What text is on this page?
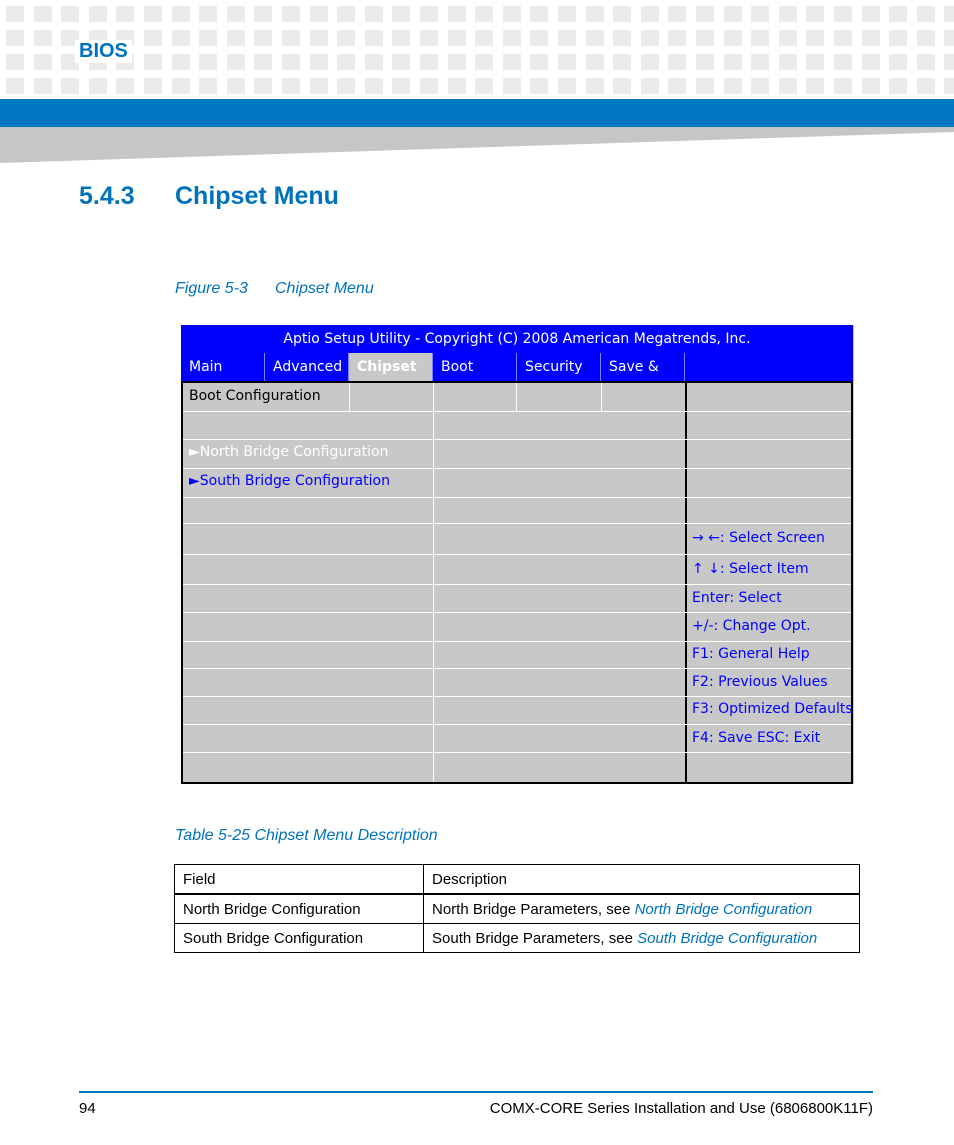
BIOS
5.4.3 Chipset Menu
Figure 5-3 Chipset Menu
Aptio Setup Utility - Copyright (C) 2008 American Megatrends, Inc.
Main	Advanced	Chipset	Boot	Security	Save &
Boot Configuration
►North Bridge Configuration
►South Bridge Configuration
→ ←: Select Screen
↑ ↓: Select Item
Enter: Select
+/-: Change Opt.
F1: General Help
F2: Previous Values
F3: Optimized Defaults
F4: Save ESC: Exit
Table 5-25 Chipset Menu Description
Field	Description
North Bridge Configuration	North Bridge Parameters, see North Bridge Configuration
South Bridge Configuration	South Bridge Parameters, see South Bridge Configuration
94	COMX-CORE Series Installation and Use (6806800K11F)
